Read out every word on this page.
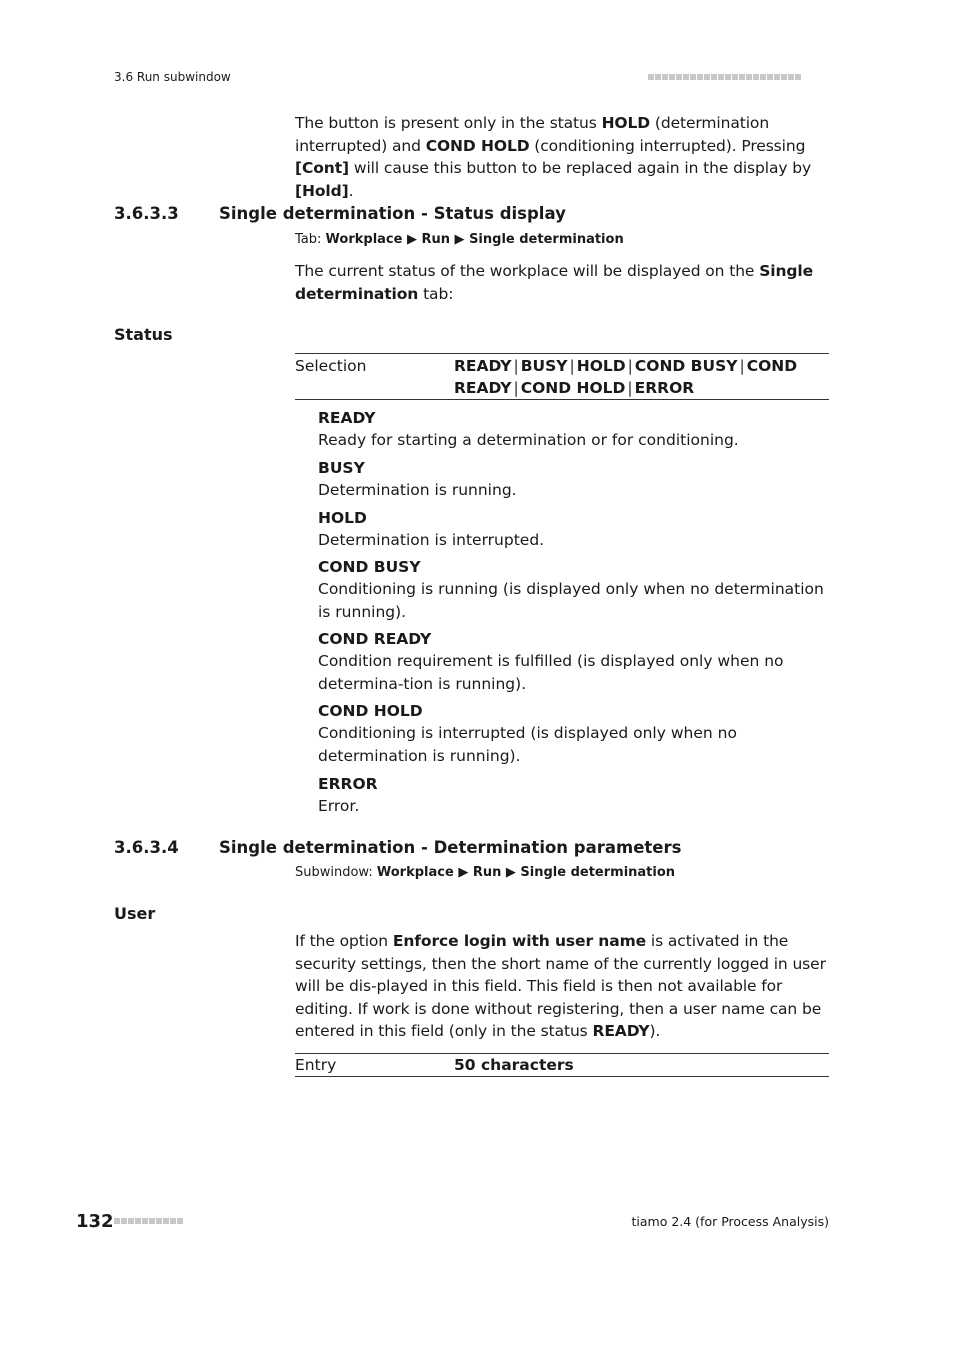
3.6 Run subwindow
The button is present only in the status HOLD (determination interrupted) and COND HOLD (conditioning interrupted). Pressing [Cont] will cause this button to be replaced again in the display by [Hold].
3.6.3.3 Single determination - Status display
Tab: Workplace ▶ Run ▶ Single determination
The current status of the workplace will be displayed on the Single determination tab:
Status
Selection	READY | BUSY | HOLD | COND BUSY | COND READY | COND HOLD | ERROR
READY
Ready for starting a determination or for conditioning.
BUSY
Determination is running.
HOLD
Determination is interrupted.
COND BUSY
Conditioning is running (is displayed only when no determination is running).
COND READY
Condition requirement is fulfilled (is displayed only when no determina-tion is running).
COND HOLD
Conditioning is interrupted (is displayed only when no determination is running).
ERROR
Error.
3.6.3.4 Single determination - Determination parameters
Subwindow: Workplace ▶ Run ▶ Single determination
User
If the option Enforce login with user name is activated in the security settings, then the short name of the currently logged in user will be dis-played in this field. This field is then not available for editing. If work is done without registering, then a user name can be entered in this field (only in the status READY).
Entry	50 characters
132	tiamo 2.4 (for Process Analysis)
